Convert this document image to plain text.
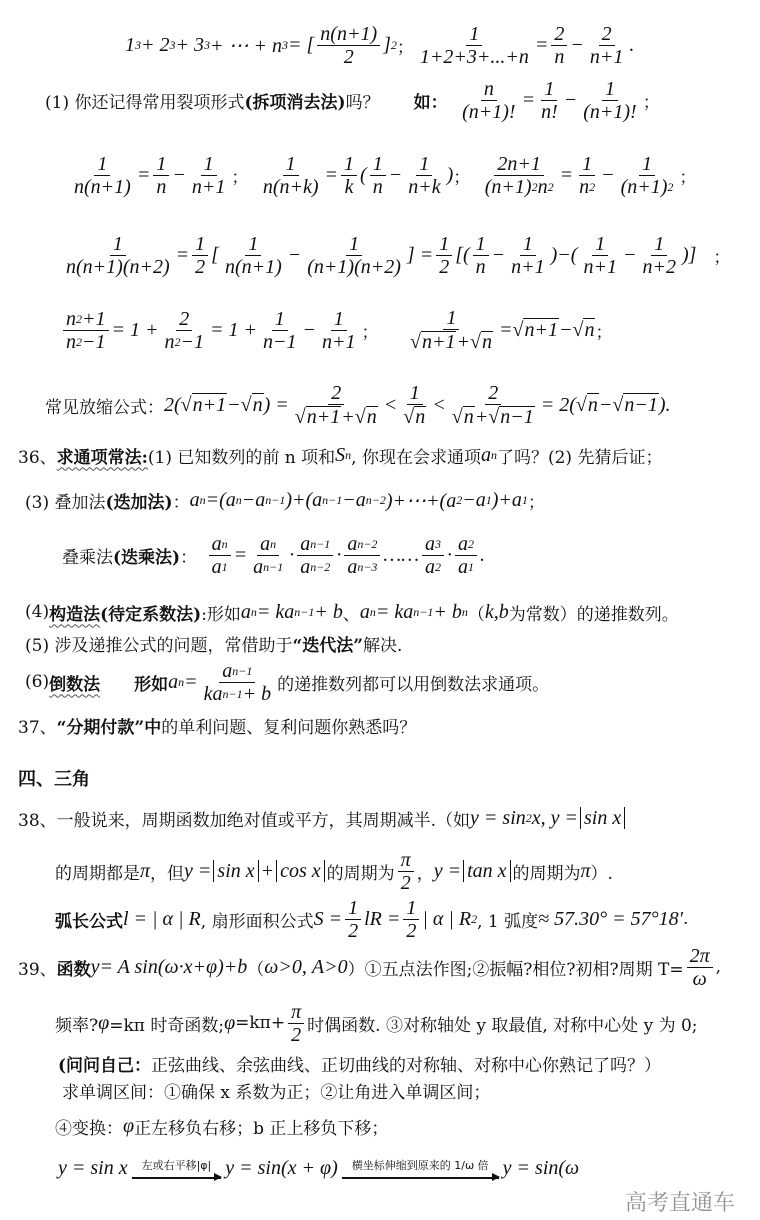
1 3 + 2 3 + 3 3 + ⋯ + n 3 = [ $\frac{n(n+1)}{2}$ ] 2 ； $\frac{1}{1+2+3+...+n} = \frac{2}{n} - \frac{2}{n+1}$ .
(1) 你还记得常用裂项形式 (拆项消去法) 吗？　　 如：　 $\frac{n}{(n+1)!} = \frac{1}{n!} - \frac{1}{(n+1)!}$ ；
$\frac{1}{n(n+1)} = \frac{1}{n} - \frac{1}{n+1}$ ；　 $\frac{1}{n(n+k)} = \frac{1}{k}$ ( $\frac{1}{n} - \frac{1}{n+k}$ ) ；　 $\frac{2n+1}{(n+1) 2 n 2} = \frac{1}{n 2} - \frac{1}{(n+1) 2}$ ；
$\frac{1}{n(n+1)(n+2)} = \frac{1}{2}$ [ $\frac{1}{n(n+1)} - \frac{1}{(n+1)(n+2)}$ ] = $\frac{1}{2}$ [( $\frac{1}{n} - \frac{1}{n+1}$ )−( $\frac{1}{n+1} - \frac{1}{n+2}$ )] 　；
$\frac{n 2 +1}{n 2 -1} = 1 + \frac{2}{n 2 -1} = 1 + \frac{1}{n-1} - \frac{1}{n+1}$ ；　　 $\frac{1}{√ n+1 + √ n}$ = √ n+1 − √ n ；
常见放缩公式： 2( √ n+1 − √ n ) = $\frac{2}{√ n+1 + √ n} < \frac{1}{√ n} < \frac{2}{√ n + √ n-1} = 2$( √ n − √ n−1 ).
36、 求通项常法: (1) 已知数列的前 n 项和 S n , 你现在会求通项 a n 了吗？(2) 先猜后证；
(3) 叠加法 (迭加法) ： a n =(a n −a n−1 )+(a n−1 −a n−2 )+⋯+(a 2 −a 1 )+a 1 ；
叠乘法 (迭乘法) ：　 $\frac{\text{a n}}{a 1} = \frac{\text{a n}}{\text{a n−1}} \cdot \frac{\text{a n−1}}{\text{a n−2}} \cdot \frac{\text{a n−2}}{\text{a n−3}}$ …… $\frac{a 3}{a 2} \cdot \frac{a 2}{a 1}$ .
(4) 构造法 (待定系数法) :形如 a n = ka n−1 + b 、 a n = ka n−1 + b n （ k,b 为常数）的递推数列。
(5) 涉及递推公式的问题，常借助于 “迭代法” 解决.
(6) 倒数法
　　 形如 a $n = \frac{\text{a n−1}}{\text{ka n−1 + b}}$ 的递推数列都可以用倒数法求通项。
37、 “分期付款”中 的单利问题、复利问题你熟悉吗？
四、三角
38、一般说来，周期函数加绝对值或平方，其周期减半.（如 y = sin 2 x, y = sin x
的周期都是 π ，但 y = sin x + cos x 的周期为 $\frac{\pi}{2}$ ， y = tan x 的周期为 π ）.
弧长公式 l = | α | R , 扇形面积公式 $S = \frac{1}{2}$ lR = $\frac{1}{2}$ | α | R 2 , 1 弧度 ≈ 57.30° = 57°18′ .
39、 函数 y= A sin(ω·x+φ)+b （ ω>0, A>0 ）①五点法作图;②振幅?相位?初相?周期 $T= \frac{2\pi}{\omega}$ ,
频率? φ =kπ 时奇函数; $\varphi =k\pi+ \frac{\pi}{2}$ 时偶函数. ③对称轴处 y 取最值, 对称中心处 y 为 0;
(问问自己： 正弦曲线、余弦曲线、正切曲线的对称轴、对称中心你熟记了吗？）
求单调区间：①确保 x 系数为正；②让角进入单调区间；
④变换： φ 正左移负右移；b 正上移负下移；
y = sin x	左或右平移|φ| y = sin(x + φ)	横坐标伸缩到原来的 1/ω 倍 y = sin(ω
高考直通车
